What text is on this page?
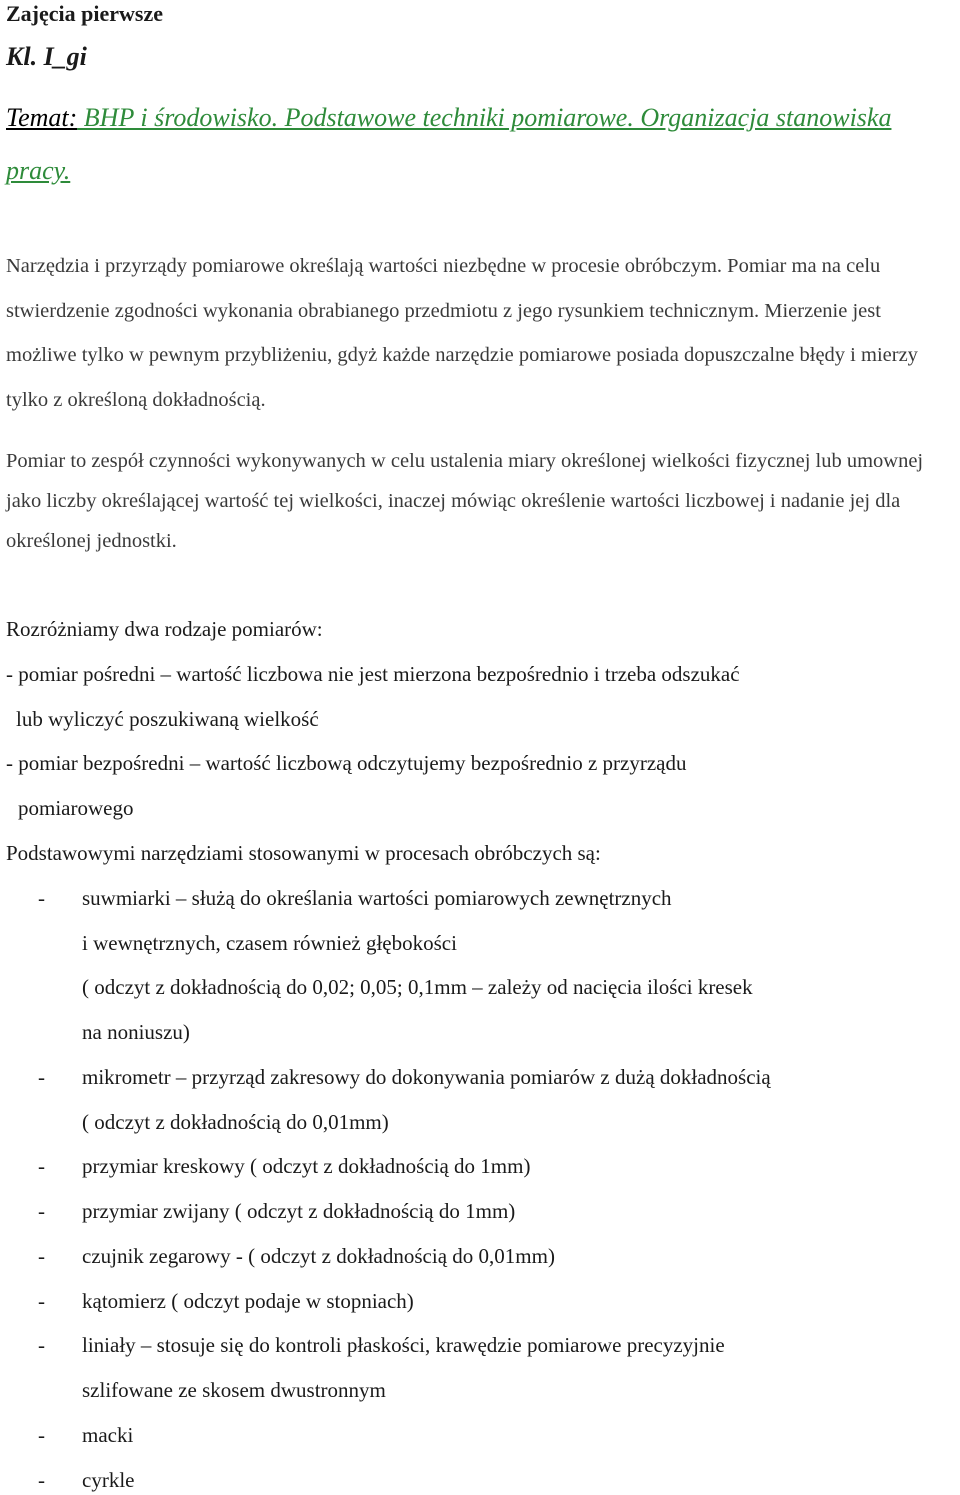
Zajęcia pierwsze
Kl. I_gi
Temat: BHP i środowisko. Podstawowe techniki pomiarowe. Organizacja stanowiska pracy.
Narzędzia i przyrządy pomiarowe określają wartości niezbędne w procesie obróbczym. Pomiar ma na celu stwierdzenie zgodności wykonania obrabianego przedmiotu z jego rysunkiem technicznym. Mierzenie jest możliwe tylko w pewnym przybliżeniu, gdyż każde narzędzie pomiarowe posiada dopuszczalne błędy i mierzy tylko z określoną dokładnością.
Pomiar to zespół czynności wykonywanych w celu ustalenia miary określonej wielkości fizycznej lub umownej jako liczby określającej wartość tej wielkości, inaczej mówiąc określenie wartości liczbowej i nadanie jej dla określonej jednostki.
Rozróżniamy dwa rodzaje pomiarów:
- pomiar pośredni – wartość liczbowa nie jest mierzona bezpośrednio i trzeba odszukać
lub wyliczyć poszukiwaną wielkość
- pomiar bezpośredni – wartość liczbową odczytujemy bezpośrednio z przyrządu
pomiarowego
Podstawowymi narzędziami stosowanymi w procesach obróbczych są:
- suwmiarki – służą do określania wartości pomiarowych zewnętrznych
i wewnętrznych, czasem również głębokości
( odczyt z dokładnością do 0,02; 0,05; 0,1mm – zależy od nacięcia ilości kresek
na noniuszu)
- mikrometr – przyrząd zakresowy do dokonywania pomiarów z dużą dokładnością
( odczyt z dokładnością do 0,01mm)
- przymiar kreskowy ( odczyt z dokładnością do 1mm)
- przymiar zwijany ( odczyt z dokładnością do 1mm)
- czujnik zegarowy - ( odczyt z dokładnością do 0,01mm)
- kątomierz ( odczyt podaje w stopniach)
- liniały – stosuje się do kontroli płaskości, krawędzie pomiarowe precyzyjnie
szlifowane ze skosem dwustronnym
- macki
- cyrkle
